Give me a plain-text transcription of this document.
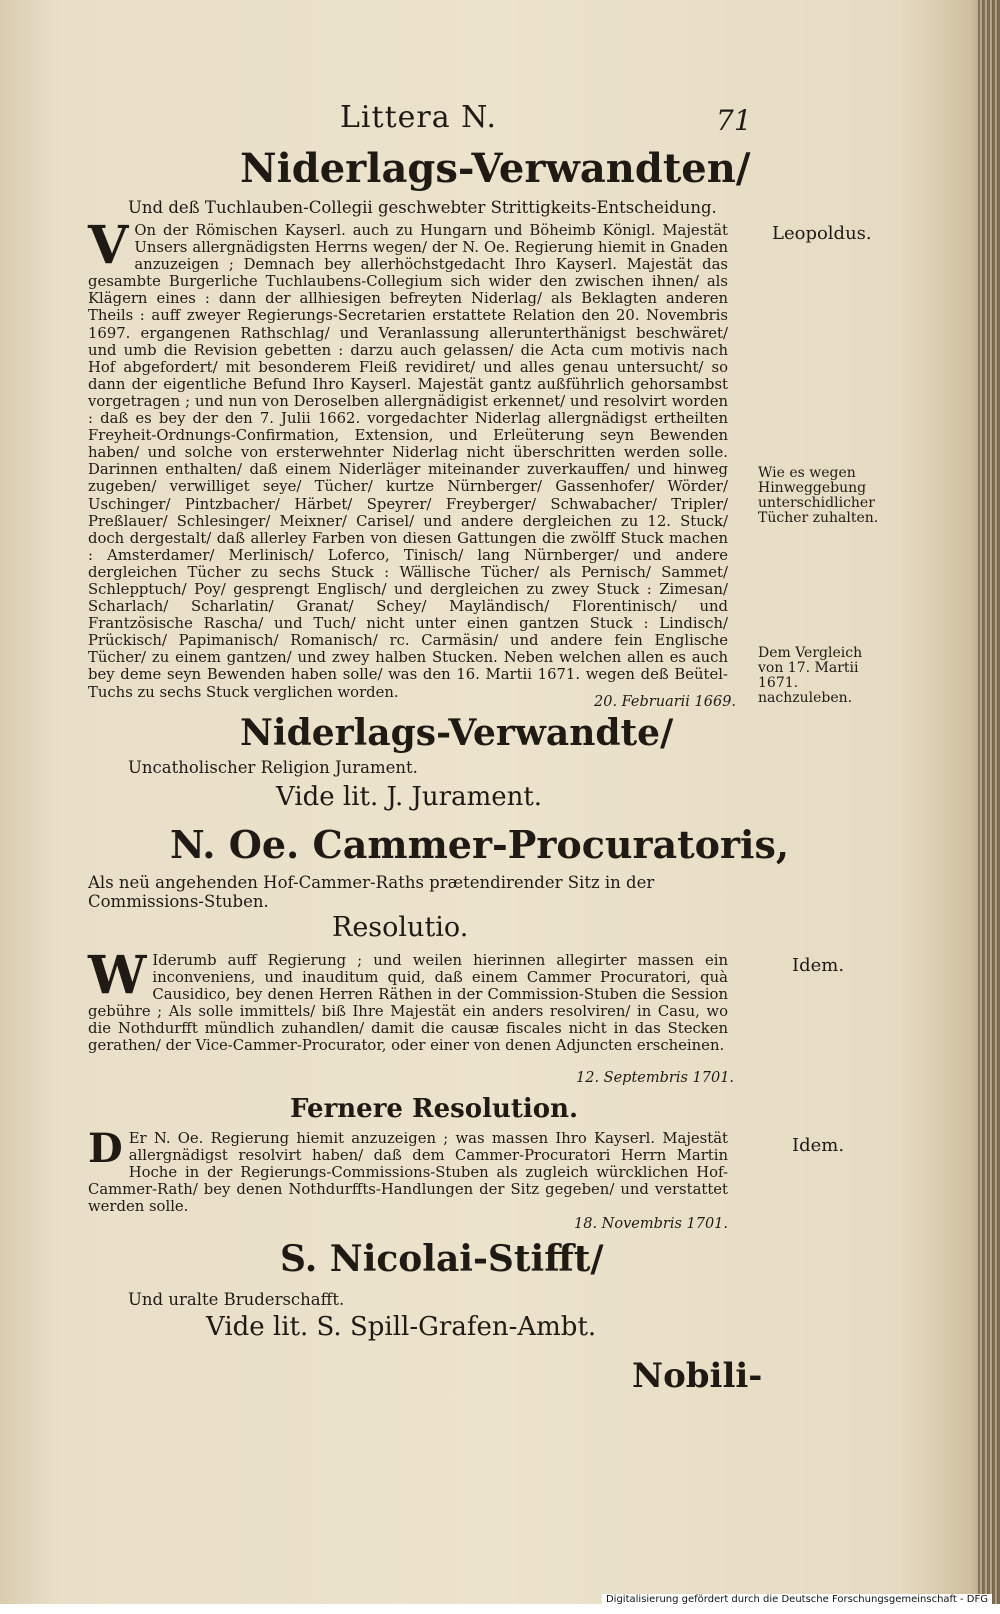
Littera N.	71
Niderlags-Verwandten/
Und deß Tuchlauben-Collegii geschwebter Strittigkeits-Entscheidung.
V On der Römischen Kayserl. auch zu Hungarn und Böheimb Königl. Majestät Unsers allergnädigsten Herrns wegen/ der N. Oe. Regierung hiemit in Gnaden anzuzeigen ; Demnach bey allerhöchstgedacht Ihro Kayserl. Majestät das gesambte Burgerliche Tuchlaubens-Collegium sich wider den zwischen ihnen/ als Klägern eines : dann der allhiesigen befreyten Niderlag/ als Beklagten anderen Theils : auff zweyer Regierungs-Secretarien erstattete Relation den 20. Novembris 1697. ergangenen Rathschlag/ und Veranlassung allerunterthänigst beschwäret/ und umb die Revision gebetten : darzu auch gelassen/ die Acta cum motivis nach Hof abgefordert/ mit besonderem Fleiß revidiret/ und alles genau untersucht/ so dann der eigentliche Befund Ihro Kayserl. Majestät gantz außführlich gehorsambst vorgetragen ; und nun von Deroselben allergnädigist erkennet/ und resolvirt worden : daß es bey der den 7. Julii 1662. vorgedachter Niderlag allergnädigst ertheilten Freyheit-Ordnungs-Confirmation, Extension, und Erleüterung seyn Bewenden haben/ und solche von ersterwehnter Niderlag nicht überschritten werden solle. Darinnen enthalten/ daß einem Niderläger miteinander zuverkauffen/ und hinweg zugeben/ verwilliget seye/ Tücher/ kurtze Nürnberger/ Gassenhofer/ Wörder/ Uschinger/ Pintzbacher/ Härbet/ Speyrer/ Freyberger/ Schwabacher/ Tripler/ Preßlauer/ Schlesinger/ Meixner/ Carisel/ und andere dergleichen zu 12. Stuck/ doch dergestalt/ daß allerley Farben von diesen Gattungen die zwölff Stuck machen : Amsterdamer/ Merlinisch/ Loferco, Tinisch/ lang Nürnberger/ und andere dergleichen Tücher zu sechs Stuck : Wällische Tücher/ als Pernisch/ Sammet/ Schlepptuch/ Poy/ gesprengt Englisch/ und dergleichen zu zwey Stuck : Zimesan/ Scharlach/ Scharlatin/ Granat/ Schey/ Mayländisch/ Florentinisch/ und Frantzösische Rascha/ und Tuch/ nicht unter einen gantzen Stuck : Lindisch/ Prückisch/ Papimanisch/ Romanisch/ rc. Carmäsin/ und andere fein Englische Tücher/ zu einem gantzen/ und zwey halben Stucken. Neben welchen allen es auch bey deme seyn Bewenden haben solle/ was den 16. Martii 1671. wegen deß Beütel-Tuchs zu sechs Stuck verglichen worden.
20. Februarii 1669.
Niderlags-Verwandte/
Uncatholischer Religion Jurament.
Vide lit. J. Jurament.
N. Oe. Cammer-Procuratoris,
Als neü angehenden Hof-Cammer-Raths prætendirender Sitz in der Commissions-Stuben.
Resolutio.
W Iderumb auff Regierung ; und weilen hierinnen allegirter massen ein inconveniens, und inauditum quid, daß einem Cammer Procuratori, quà Causidico, bey denen Herren Räthen in der Commission-Stuben die Session gebühre ; Als solle immittels/ biß Ihre Majestät ein anders resolviren/ in Casu, wo die Nothdurfft mündlich zuhandlen/ damit die causæ fiscales nicht in das Stecken gerathen/ der Vice-Cammer-Procurator, oder einer von denen Adjuncten erscheinen.
12. Septembris 1701.
Fernere Resolution.
D Er N. Oe. Regierung hiemit anzuzeigen ; was massen Ihro Kayserl. Majestät allergnädigst resolvirt haben/ daß dem Cammer-Procuratori Herrn Martin Hoche in der Regierungs-Commissions-Stuben als zugleich würcklichen Hof-Cammer-Rath/ bey denen Nothdurffts-Handlungen der Sitz gegeben/ und verstattet werden solle.
18. Novembris 1701.
S. Nicolai-Stifft/
Und uralte Bruderschafft.
Vide lit. S. Spill-Grafen-Ambt.
Nobili-
Leopoldus.
Wie es wegen Hinweggebung unterschidlicher Tücher zuhalten.
Dem Vergleich von 17. Martii 1671. nachzuleben.
Idem.
Idem.
Digitalisierung gefördert durch die Deutsche Forschungsgemeinschaft - DFG
